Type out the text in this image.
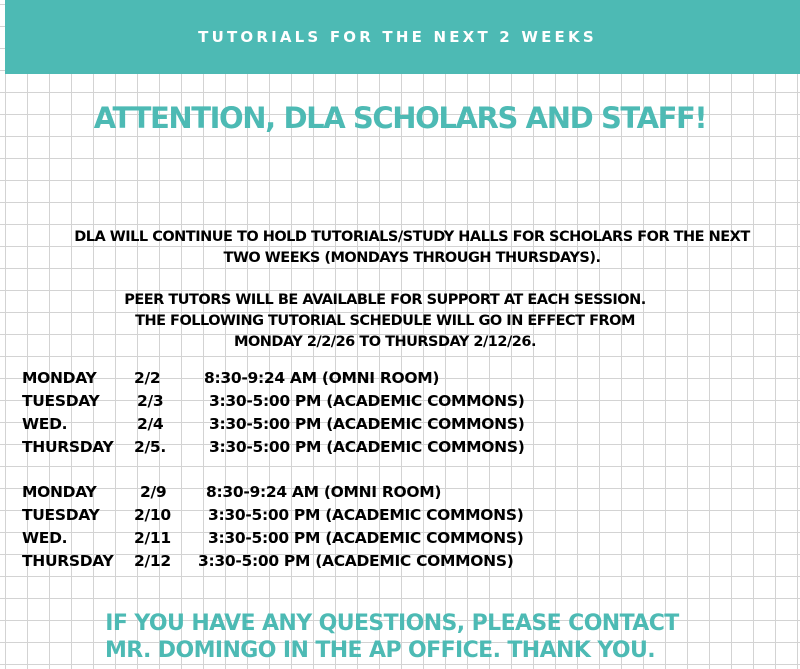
TUTORIALS FOR THE NEXT 2 WEEKS
ATTENTION, DLA SCHOLARS AND STAFF!
DLA WILL CONTINUE TO HOLD TUTORIALS/STUDY HALLS FOR SCHOLARS FOR THE NEXT
TWO WEEKS (MONDAYS THROUGH THURSDAYS).
PEER TUTORS WILL BE AVAILABLE FOR SUPPORT AT EACH SESSION.
THE FOLLOWING TUTORIAL SCHEDULE WILL GO IN EFFECT FROM
MONDAY 2/2/26 TO THURSDAY 2/12/26.
MONDAY 2/2	8:30-9:24 AM (OMNI ROOM)
TUESDAY 2/3	3:30-5:00 PM (ACADEMIC COMMONS)
WED.	2/4	3:30-5:00 PM (ACADEMIC COMMONS)
THURSDAY 2/5.	3:30-5:00 PM (ACADEMIC COMMONS)
MONDAY	2/9	8:30-9:24 AM (OMNI ROOM)
TUESDAY 2/10 3:30-5:00 PM (ACADEMIC COMMONS)
WED.	2/11 3:30-5:00 PM (ACADEMIC COMMONS)
THURSDAY 2/12 3:30-5:00 PM (ACADEMIC COMMONS)
IF YOU HAVE ANY QUESTIONS, PLEASE CONTACT
MR. DOMINGO IN THE AP OFFICE. THANK YOU.
